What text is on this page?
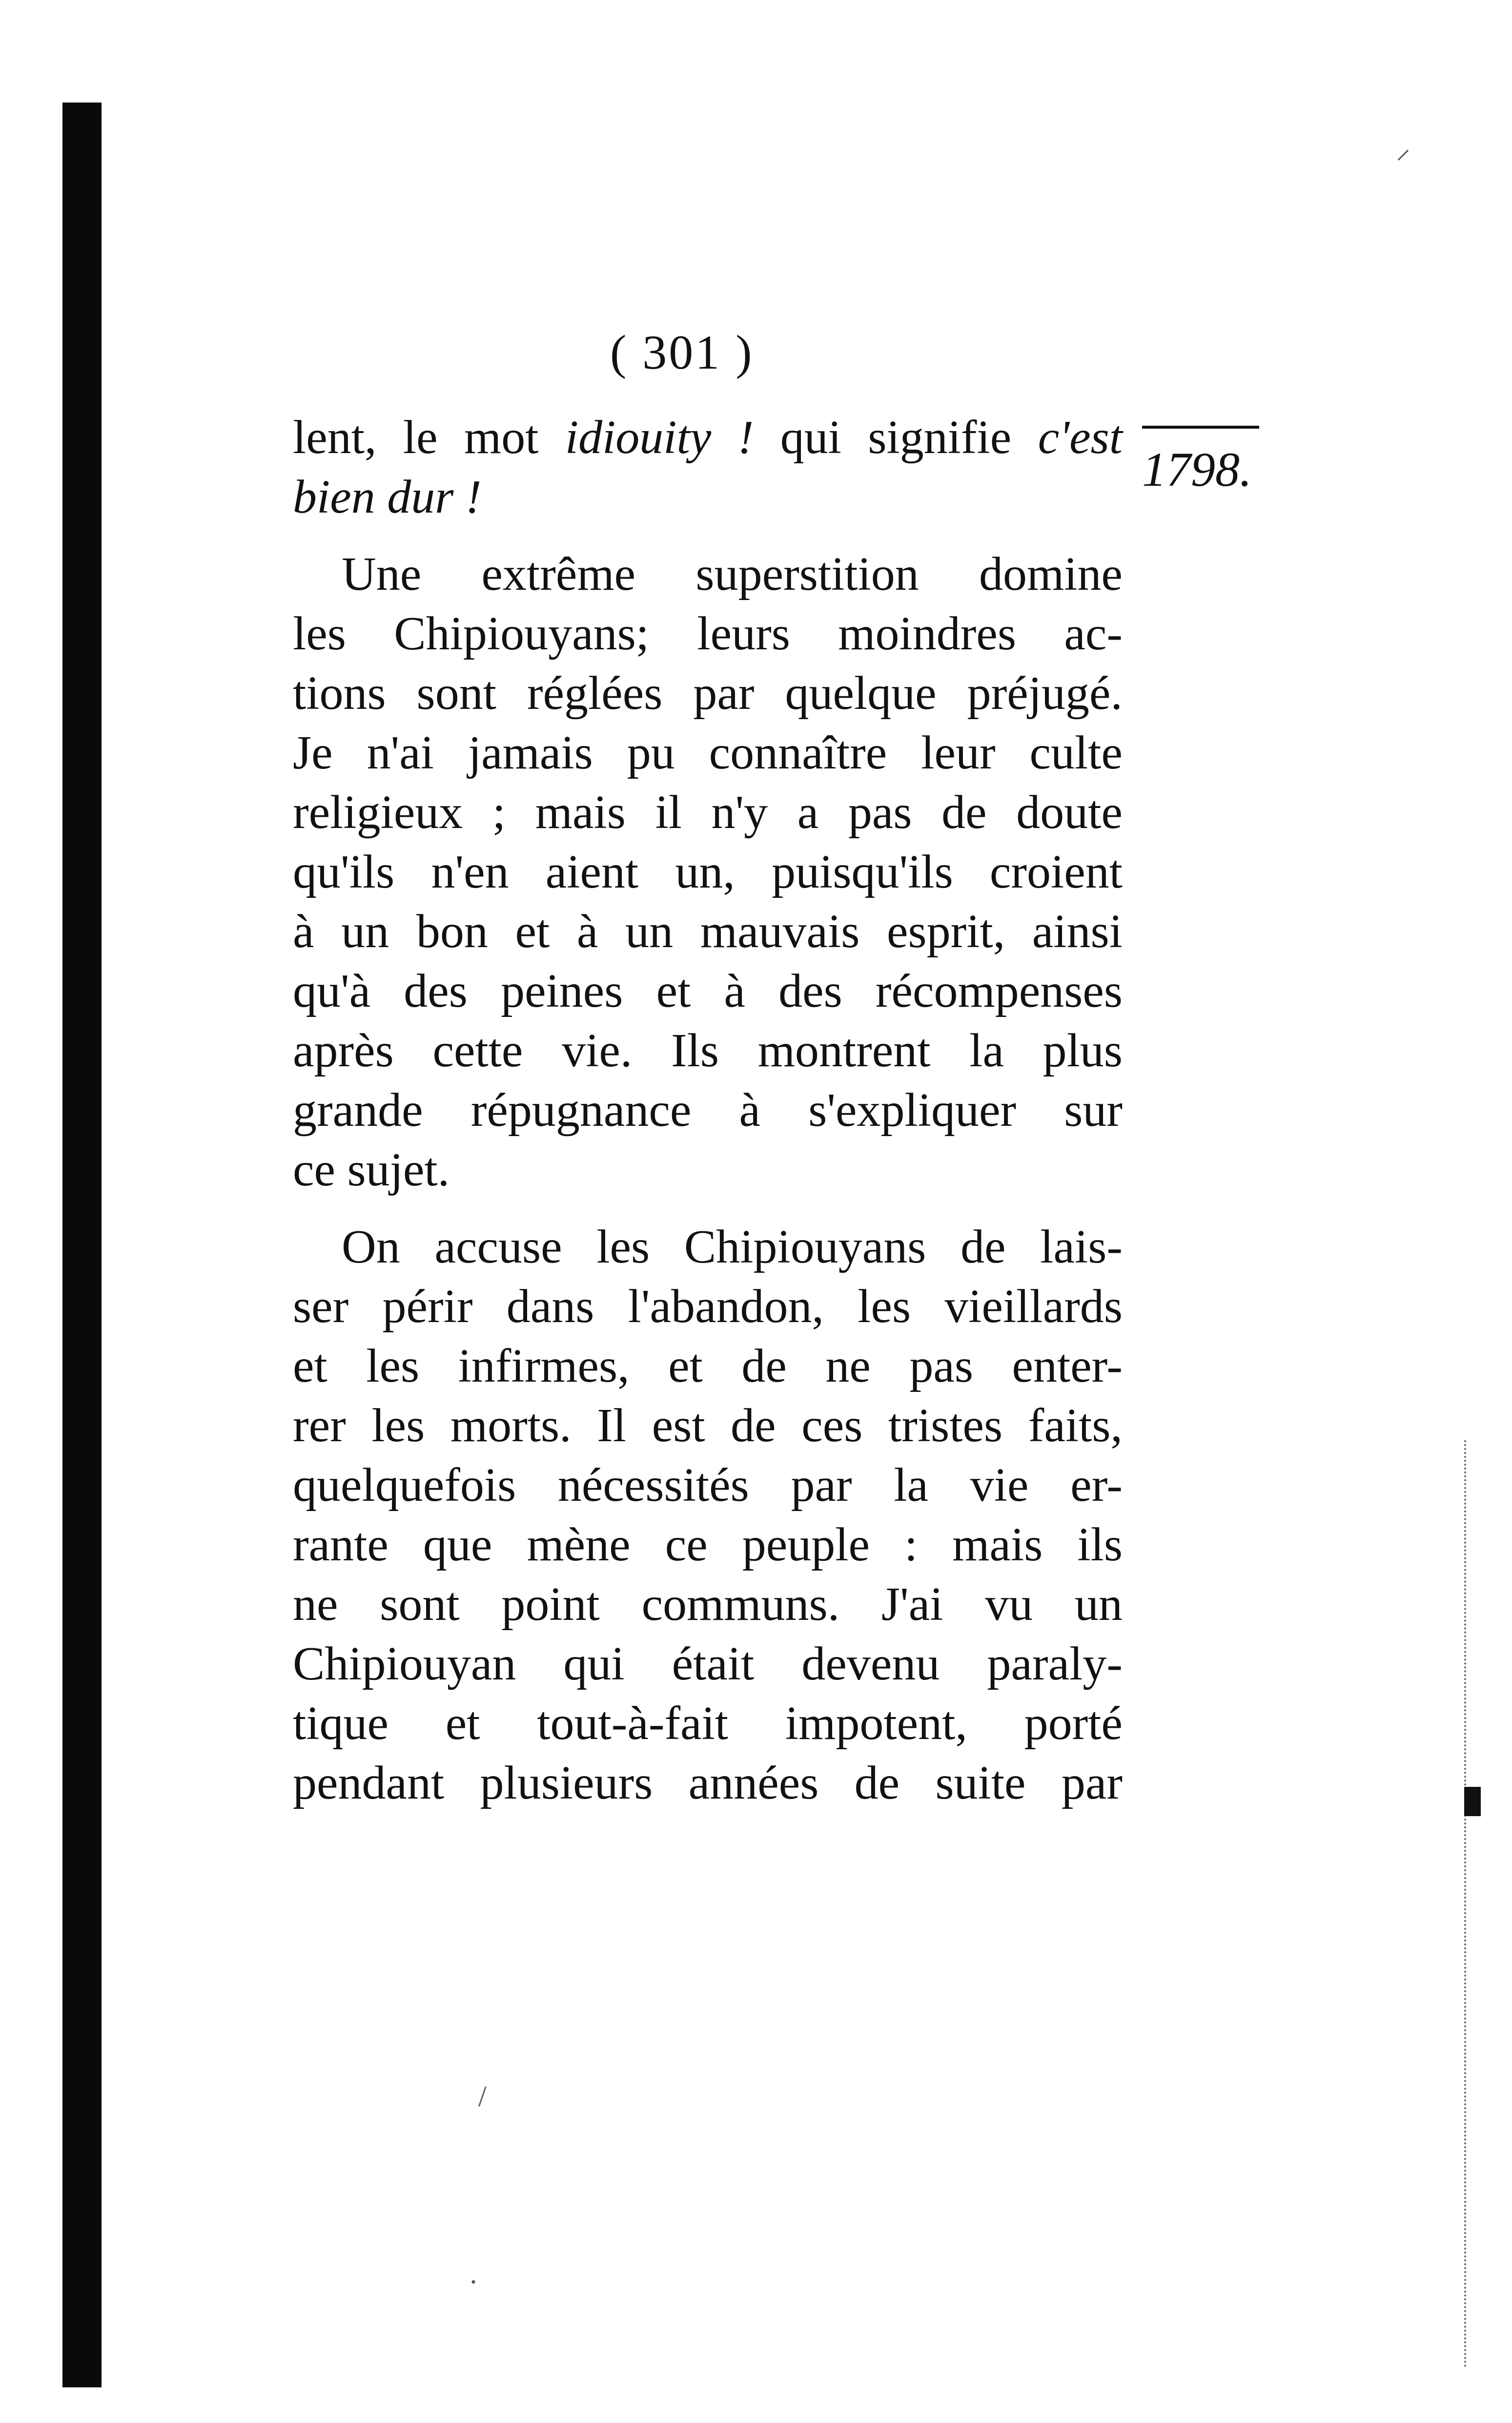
( 301 )
1798.

lent, le mot idiouity ! qui signifie c'est
bien dur !

Une extrême superstition domine
les Chipiouyans; leurs moindres ac-
tions sont réglées par quelque préjugé.
Je n'ai jamais pu connaître leur culte
religieux ; mais il n'y a pas de doute
qu'ils n'en aient un, puisqu'ils croient
à un bon et à un mauvais esprit, ainsi
qu'à des peines et à des récompenses
après cette vie. Ils montrent la plus
grande répugnance à s'expliquer sur
ce sujet.

On accuse les Chipiouyans de lais-
ser périr dans l'abandon, les vieillards
et les infirmes, et de ne pas enter-
rer les morts. Il est de ces tristes faits,
quelquefois nécessités par la vie er-
rante que mène ce peuple : mais ils
ne sont point communs. J'ai vu un
Chipiouyan qui était devenu paraly-
tique et tout-à-fait impotent, porté
pendant plusieurs années de suite par

⸝
/
·
